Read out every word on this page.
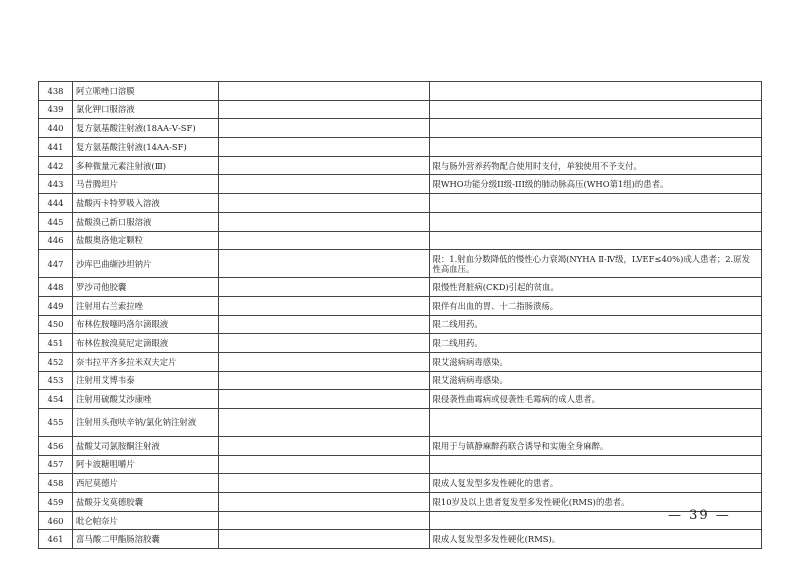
438	阿立哌唑口溶膜		
439	氯化钾口服溶液		
440	复方氨基酸注射液(18AA-Ⅴ-SF)		
441	复方氨基酸注射液(14AA-SF)		
442	多种微量元素注射液(Ⅲ)		限与肠外营养药物配合使用时支付，单独使用不予支付。
443	马昔腾坦片		限WHO功能分级II级-III级的肺动脉高压(WHO第1组)的患者。
444	盐酸丙卡特罗吸入溶液		
445	盐酸溴己新口服溶液		
446	盐酸奥洛他定颗粒		
447	沙库巴曲缬沙坦钠片		限：1.射血分数降低的慢性心力衰竭(NYHA Ⅱ-Ⅳ级，LVEF≤40%)成人患者；2.原发性高血压。
448	罗沙司他胶囊		限慢性肾脏病(CKD)引起的贫血。
449	注射用右兰索拉唑		限伴有出血的胃、十二指肠溃疡。
450	布林佐胺噻吗洛尔滴眼液		限二线用药。
451	布林佐胺溴莫尼定滴眼液		限二线用药。
452	奈韦拉平齐多拉米双夫定片		限艾滋病病毒感染。
453	注射用艾博韦泰		限艾滋病病毒感染。
454	注射用硫酸艾沙康唑		限侵袭性曲霉病或侵袭性毛霉病的成人患者。
455	注射用头孢呋辛钠/氯化钠注射液		
456	盐酸艾司氯胺酮注射液		限用于与镇静麻醉药联合诱导和实施全身麻醉。
457	阿卡波糖咀嚼片		
458	西尼莫德片		限成人复发型多发性硬化的患者。
459	盐酸芬戈莫德胶囊		限10岁及以上患者复发型多发性硬化(RMS)的患者。
460	吡仑帕奈片		
461	富马酸二甲酯肠溶胶囊		限成人复发型多发性硬化(RMS)。
— 39 —
